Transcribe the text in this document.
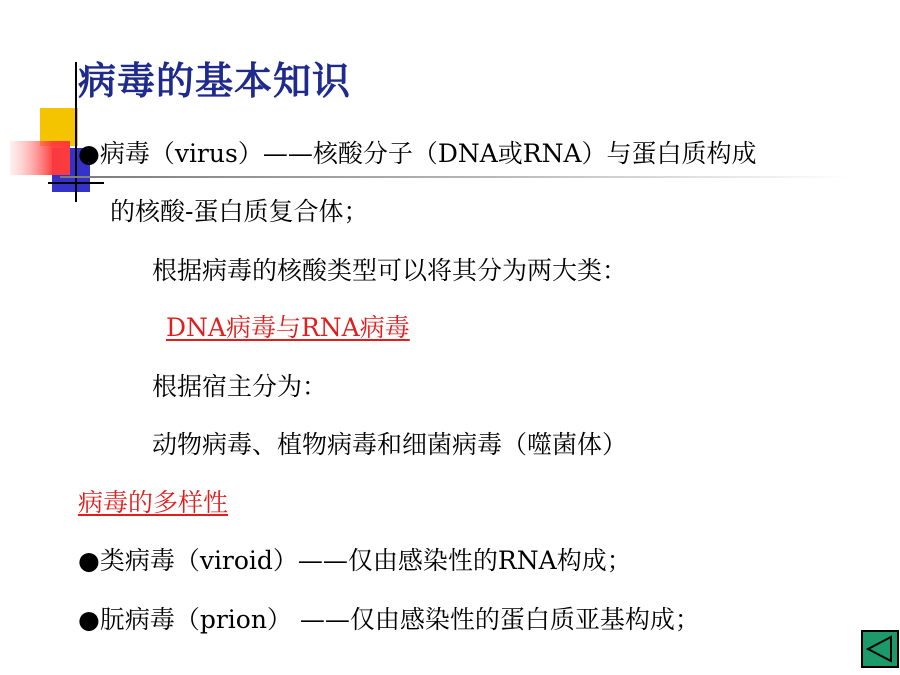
病毒的基本知识
●病毒（virus）——核酸分子（DNA或RNA）与蛋白质构成
的核酸-蛋白质复合体；
根据病毒的核酸类型可以将其分为两大类：
DNA病毒与RNA病毒
根据宿主分为：
动物病毒、植物病毒和细菌病毒（噬菌体）
病毒的多样性
●类病毒（viroid）——仅由感染性的RNA构成；
●朊病毒（prion） ——仅由感染性的蛋白质亚基构成；
